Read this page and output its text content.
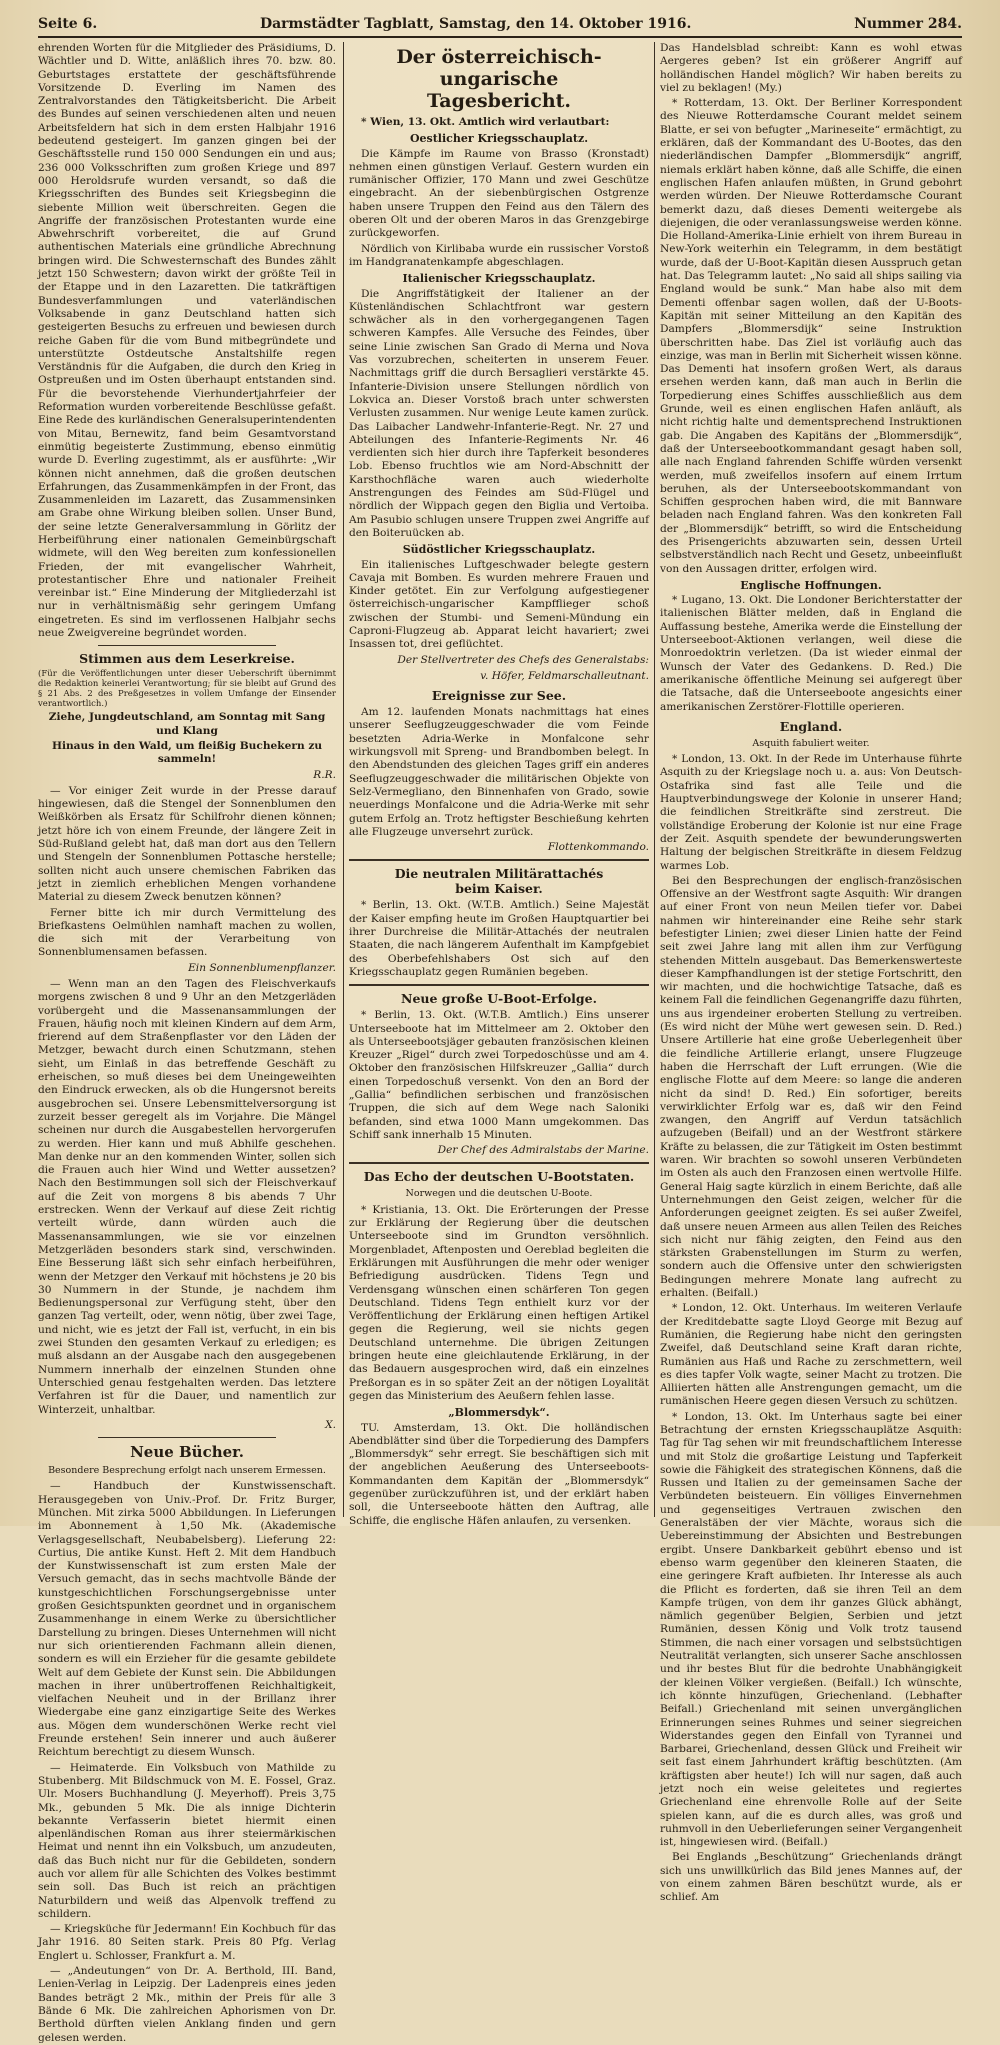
Seite 6.	Darmstädter Tagblatt, Samstag, den 14. Oktober 1916.	Nummer 284.

ehrenden Worten für die Mitglieder des Präsidiums, D. Wächtler und D. Witte, anläßlich ihres 70. bzw. 80. Geburtstages erstattete der geschäftsführende Vorsitzende D. Everling im Namen des Zentralvorstandes den Tätigkeitsbericht. Die Arbeit des Bundes auf seinen verschiedenen alten und neuen Arbeitsfeldern hat sich in dem ersten Halbjahr 1916 bedeutend gesteigert. Im ganzen gingen bei der Geschäftsstelle rund 150 000 Sendungen ein und aus; 236 000 Volksschriften zum großen Kriege und 897 000 Heroldsrufe wurden versandt, so daß die Kriegsschriften des Bundes seit Kriegsbeginn die siebente Million weit überschreiten. Gegen die Angriffe der französischen Protestanten wurde eine Abwehrschrift vorbereitet, die auf Grund authentischen Materials eine gründliche Abrechnung bringen wird. Die Schwesternschaft des Bundes zählt jetzt 150 Schwestern; davon wirkt der größte Teil in der Etappe und in den Lazaretten. Die tatkräftigen Bundesverfammlungen und vaterländischen Volksabende in ganz Deutschland hatten sich gesteigerten Besuchs zu erfreuen und bewiesen durch reiche Gaben für die vom Bund mitbegründete und unterstützte Ostdeutsche Anstaltshilfe regen Verständnis für die Aufgaben, die durch den Krieg in Ostpreußen und im Osten überhaupt entstanden sind. Für die bevorstehende Vierhundertjahrfeier der Reformation wurden vorbereitende Beschlüsse gefaßt. Eine Rede des kurländischen Generalsuperintendenten von Mitau, Bernewitz, fand beim Gesamtvorstand einmütig begeisterte Zustimmung, ebenso einmütig wurde D. Everling zugestimmt, als er ausführte: „Wir können nicht annehmen, daß die großen deutschen Erfahrungen, das Zusammenkämpfen in der Front, das Zusammenleiden im Lazarett, das Zusammensinken am Grabe ohne Wirkung bleiben sollen. Unser Bund, der seine letzte Generalversammlung in Görlitz der Herbeiführung einer nationalen Gemeinbürgschaft widmete, will den Weg bereiten zum konfessionellen Frieden, der mit evangelischer Wahrheit, protestantischer Ehre und nationaler Freiheit vereinbar ist.“ Eine Minderung der Mitgliederzahl ist nur in verhältnismäßig sehr geringem Umfang eingetreten. Es sind im verflossenen Halbjahr sechs neue Zweigvereine begründet worden.

Stimmen aus dem Leserkreise.

(Für die Veröffentlichungen unter dieser Ueberschrift übernimmt die Redaktion keinerlei Verantwortung; für sie bleibt auf Grund des § 21 Abs. 2 des Preßgesetzes in vollem Umfange der Einsender verantwortlich.)

Ziehe, Jungdeutschland, am Sonntag mit Sang und Klang

Hinaus in den Wald, um fleißig Buchekern zu sammeln!

R.R.

— Vor einiger Zeit wurde in der Presse darauf hingewiesen, daß die Stengel der Sonnenblumen den Weißkörben als Ersatz für Schilfrohr dienen können; jetzt höre ich von einem Freunde, der längere Zeit in Süd-Rußland gelebt hat, daß man dort aus den Tellern und Stengeln der Sonnenblumen Pottasche herstelle; sollten nicht auch unsere chemischen Fabriken das jetzt in ziemlich erheblichen Mengen vorhandene Material zu diesem Zweck benutzen können?

Ferner bitte ich mir durch Vermittelung des Briefkastens Oelmühlen namhaft machen zu wollen, die sich mit der Verarbeitung von Sonnenblumensamen befassen.

Ein Sonnenblumenpflanzer.

— Wenn man an den Tagen des Fleischverkaufs morgens zwischen 8 und 9 Uhr an den Metzgerläden vorübergeht und die Massenansammlungen der Frauen, häufig noch mit kleinen Kindern auf dem Arm, frierend auf dem Straßenpflaster vor den Läden der Metzger, bewacht durch einen Schutzmann, stehen sieht, um Einlaß in das betreffende Geschäft zu erheischen, so muß dieses bei dem Uneingeweihten den Eindruck erwecken, als ob die Hungersnot bereits ausgebrochen sei. Unsere Lebensmittelversorgung ist zurzeit besser geregelt als im Vorjahre. Die Mängel scheinen nur durch die Ausgabestellen hervorgerufen zu werden. Hier kann und muß Abhilfe geschehen. Man denke nur an den kommenden Winter, sollen sich die Frauen auch hier Wind und Wetter aussetzen? Nach den Bestimmungen soll sich der Fleischverkauf auf die Zeit von morgens 8 bis abends 7 Uhr erstrecken. Wenn der Verkauf auf diese Zeit richtig verteilt würde, dann würden auch die Massenansammlungen, wie sie vor einzelnen Metzgerläden besonders stark sind, verschwinden. Eine Besserung läßt sich sehr einfach herbeiführen, wenn der Metzger den Verkauf mit höchstens je 20 bis 30 Nummern in der Stunde, je nachdem ihm Bedienungspersonal zur Verfügung steht, über den ganzen Tag verteilt, oder, wenn nötig, über zwei Tage, und nicht, wie es jetzt der Fall ist, verfucht, in ein bis zwei Stunden den gesamten Verkauf zu erledigen; es muß alsdann an der Ausgabe nach den ausgegebenen Nummern innerhalb der einzelnen Stunden ohne Unterschied genau festgehalten werden. Das letztere Verfahren ist für die Dauer, und namentlich zur Winterzeit, unhaltbar.

X.
Neue Bücher.
Besondere Besprechung erfolgt nach unserem Ermessen.

— Handbuch der Kunstwissenschaft. Herausgegeben von Univ.-Prof. Dr. Fritz Burger, München. Mit zirka 5000 Abbildungen. In Lieferungen im Abonnement à 1,50 Mk. (Akademische Verlagsgesellschaft, Neubabelsberg). Lieferung 22: Curtius, Die antike Kunst. Heft 2. Mit dem Handbuch der Kunstwissenschaft ist zum ersten Male der Versuch gemacht, das in sechs machtvolle Bände der kunstgeschichtlichen Forschungsergebnisse unter großen Gesichtspunkten geordnet und in organischem Zusammenhange in einem Werke zu übersichtlicher Darstellung zu bringen. Dieses Unternehmen will nicht nur sich orientierenden Fachmann allein dienen, sondern es will ein Erzieher für die gesamte gebildete Welt auf dem Gebiete der Kunst sein. Die Abbildungen machen in ihrer unübertroffenen Reichhaltigkeit, vielfachen Neuheit und in der Brillanz ihrer Wiedergabe eine ganz einzigartige Seite des Werkes aus. Mögen dem wunderschönen Werke recht viel Freunde erstehen! Sein innerer und auch äußerer Reichtum berechtigt zu diesem Wunsch.

— Heimaterde. Ein Volksbuch von Mathilde zu Stubenberg. Mit Bildschmuck von M. E. Fossel, Graz. Ulr. Mosers Buchhandlung (J. Meyerhoff). Preis 3,75 Mk., gebunden 5 Mk. Die als innige Dichterin bekannte Verfasserin bietet hiermit einen alpenländischen Roman aus ihrer steiermärkischen Heimat und nennt ihn ein Volksbuch, um anzudeuten, daß das Buch nicht nur für die Gebildeten, sondern auch vor allem für alle Schichten des Volkes bestimmt sein soll. Das Buch ist reich an prächtigen Naturbildern und weiß das Alpenvolk treffend zu schildern.

— Kriegsküche für Jedermann! Ein Kochbuch für das Jahr 1916. 80 Seiten stark. Preis 80 Pfg. Verlag Englert u. Schlosser, Frankfurt a. M.

— „Andeutungen“ von Dr. A. Berthold, III. Band, Lenien-Verlag in Leipzig. Der Ladenpreis eines jeden Bandes beträgt 2 Mk., mithin der Preis für alle 3 Bände 6 Mk. Die zahlreichen Aphorismen von Dr. Berthold dürften vielen Anklang finden und gern gelesen werden.

Der österreichisch-ungarische
Tagesbericht.

* Wien, 13. Okt. Amtlich wird verlautbart:

Oestlicher Kriegsschauplatz.

Die Kämpfe im Raume von Brasso (Kronstadt) nehmen einen günstigen Verlauf. Gestern wurden ein rumänischer Offizier, 170 Mann und zwei Geschütze eingebracht. An der siebenbürgischen Ostgrenze haben unsere Truppen den Feind aus den Tälern des oberen Olt und der oberen Maros in das Grenzgebirge zurückgeworfen.

Nördlich von Kirlibaba wurde ein russischer Vorstoß im Handgranatenkampfe abgeschlagen.

Italienischer Kriegsschauplatz.

Die Angriffstätigkeit der Italiener an der Küstenländischen Schlachtfront war gestern schwächer als in den vorhergegangenen Tagen schweren Kampfes. Alle Versuche des Feindes, über seine Linie zwischen San Grado di Merna und Nova Vas vorzubrechen, scheiterten in unserem Feuer. Nachmittags griff die durch Bersaglieri verstärkte 45. Infanterie-Division unsere Stellungen nördlich von Lokvica an. Dieser Vorstoß brach unter schwersten Verlusten zusammen. Nur wenige Leute kamen zurück. Das Laibacher Landwehr-Infanterie-Regt. Nr. 27 und Abteilungen des Infanterie-Regiments Nr. 46 verdienten sich hier durch ihre Tapferkeit besonderes Lob. Ebenso fruchtlos wie am Nord-Abschnitt der Karsthochfläche waren auch wiederholte Anstrengungen des Feindes am Süd-Flügel und nördlich der Wippach gegen den Biglia und Vertoiba. Am Pasubio schlugen unsere Truppen zwei Angriffe auf den Boiteruücken ab.

Südöstlicher Kriegsschauplatz.

Ein italienisches Luftgeschwader belegte gestern Cavaja mit Bomben. Es wurden mehrere Frauen und Kinder getötet. Ein zur Verfolgung aufgestiegener österreichisch-ungarischer Kampfflieger schoß zwischen der Stumbi- und Semeni-Mündung ein Caproni-Flugzeug ab. Apparat leicht havariert; zwei Insassen tot, drei geflüchtet.

Der Stellvertreter des Chefs des Generalstabs:
v. Höfer, Feldmarschalleutnant.
Ereignisse zur See.

Am 12. laufenden Monats nachmittags hat eines unserer Seeflugzeuggeschwader die vom Feinde besetzten Adria-Werke in Monfalcone sehr wirkungsvoll mit Spreng- und Brandbomben belegt. In den Abendstunden des gleichen Tages griff ein anderes Seeflugzeuggeschwader die militärischen Objekte von Selz-Vermegliano, den Binnenhafen von Grado, sowie neuerdings Monfalcone und die Adria-Werke mit sehr gutem Erfolg an. Trotz heftigster Beschießung kehrten alle Flugzeuge unversehrt zurück.

Flottenkommando.
Die neutralen Militärattachés
beim Kaiser.

* Berlin, 13. Okt. (W.T.B. Amtlich.) Seine Majestät der Kaiser empfing heute im Großen Hauptquartier bei ihrer Durchreise die Militär-Attachés der neutralen Staaten, die nach längerem Aufenthalt im Kampfgebiet des Oberbefehlshabers Ost sich auf den Kriegsschauplatz gegen Rumänien begeben.

Neue große U-Boot-Erfolge.

* Berlin, 13. Okt. (W.T.B. Amtlich.) Eins unserer Unterseeboote hat im Mittelmeer am 2. Oktober den als Unterseebootsjäger gebauten französischen kleinen Kreuzer „Rigel“ durch zwei Torpedoschüsse und am 4. Oktober den französischen Hilfskreuzer „Gallia“ durch einen Torpedoschuß versenkt. Von den an Bord der „Gallia“ befindlichen serbischen und französischen Truppen, die sich auf dem Wege nach Saloniki befanden, sind etwa 1000 Mann umgekommen. Das Schiff sank innerhalb 15 Minuten.

Der Chef des Admiralstabs der Marine.
Das Echo der deutschen U-Bootstaten.
Norwegen und die deutschen U-Boote.

* Kristiania, 13. Okt. Die Erörterungen der Presse zur Erklärung der Regierung über die deutschen Unterseeboote sind im Grundton versöhnlich. Morgenbladet, Aftenposten und Oereblad begleiten die Erklärungen mit Ausführungen die mehr oder weniger Befriedigung ausdrücken. Tidens Tegn und Verdensgang wünschen einen schärferen Ton gegen Deutschland. Tidens Tegn enthielt kurz vor der Veröffentlichung der Erklärung einen heftigen Artikel gegen die Regierung, weil sie nichts gegen Deutschland unternehme. Die übrigen Zeitungen bringen heute eine gleichlautende Erklärung, in der das Bedauern ausgesprochen wird, daß ein einzelnes Preßorgan es in so später Zeit an der nötigen Loyalität gegen das Ministerium des Aeußern fehlen lasse.

„Blommersdyk“.

TU. Amsterdam, 13. Okt. Die holländischen Abendblätter sind über die Torpedierung des Dampfers „Blommersdyk“ sehr erregt. Sie beschäftigen sich mit der angeblichen Aeußerung des Unterseeboots-Kommandanten dem Kapitän der „Blommersdyk“ gegenüber zurückzuführen ist, und der erklärt haben soll, die Unterseeboote hätten den Auftrag, alle Schiffe, die englische Häfen anlaufen, zu versenken.

Das Handelsblad schreibt: Kann es wohl etwas Aergeres geben? Ist ein größerer Angriff auf holländischen Handel möglich? Wir haben bereits zu viel zu beklagen! (My.)

* Rotterdam, 13. Okt. Der Berliner Korrespondent des Nieuwe Rotterdamsche Courant meldet seinem Blatte, er sei von befugter „Marineseite“ ermächtigt, zu erklären, daß der Kommandant des U-Bootes, das den niederländischen Dampfer „Blommersdijk“ angriff, niemals erklärt haben könne, daß alle Schiffe, die einen englischen Hafen anlaufen müßten, in Grund gebohrt werden würden. Der Nieuwe Rotterdamsche Courant bemerkt dazu, daß dieses Dementi weitergebe als diejenigen, die oder veranlassungsweise werden könne. Die Holland-Amerika-Linie erhielt von ihrem Bureau in New-York weiterhin ein Telegramm, in dem bestätigt wurde, daß der U-Boot-Kapitän diesen Ausspruch getan hat. Das Telegramm lautet: „No said all ships sailing via England would be sunk.“ Man habe also mit dem Dementi offenbar sagen wollen, daß der U-Boots-Kapitän mit seiner Mitteilung an den Kapitän des Dampfers „Blommersdijk“ seine Instruktion überschritten habe. Das Ziel ist vorläufig auch das einzige, was man in Berlin mit Sicherheit wissen könne. Das Dementi hat insofern großen Wert, als daraus ersehen werden kann, daß man auch in Berlin die Torpedierung eines Schiffes ausschließlich aus dem Grunde, weil es einen englischen Hafen anläuft, als nicht richtig halte und dementsprechend Instruktionen gab. Die Angaben des Kapitäns der „Blommersdijk“, daß der Unterseebootkommandant gesagt haben soll, alle nach England fahrenden Schiffe würden versenkt werden, muß zweifellos insofern auf einem Irrtum beruhen, als der Unterseebootskommandant von Schiffen gesprochen haben wird, die mit Bannware beladen nach England fahren. Was den konkreten Fall der „Blommersdijk“ betrifft, so wird die Entscheidung des Prisengerichts abzuwarten sein, dessen Urteil selbstverständlich nach Recht und Gesetz, unbeeinflußt von den Aussagen dritter, erfolgen wird.

Englische Hoffnungen.

* Lugano, 13. Okt. Die Londoner Berichterstatter der italienischen Blätter melden, daß in England die Auffassung bestehe, Amerika werde die Einstellung der Unterseeboot-Aktionen verlangen, weil diese die Monroedoktrin verletzen. (Da ist wieder einmal der Wunsch der Vater des Gedankens. D. Red.) Die amerikanische öffentliche Meinung sei aufgeregt über die Tatsache, daß die Unterseeboote angesichts einer amerikanischen Zerstörer-Flottille operieren.

England.
Asquith fabuliert weiter.

* London, 13. Okt. In der Rede im Unterhause führte Asquith zu der Kriegslage noch u. a. aus: Von Deutsch-Ostafrika sind fast alle Teile und die Hauptverbindungswege der Kolonie in unserer Hand; die feindlichen Streitkräfte sind zerstreut. Die vollständige Eroberung der Kolonie ist nur eine Frage der Zeit. Asquith spendete der bewunderungswerten Haltung der belgischen Streitkräfte in diesem Feldzug warmes Lob.

Bei den Besprechungen der englisch-französischen Offensive an der Westfront sagte Asquith: Wir drangen auf einer Front von neun Meilen tiefer vor. Dabei nahmen wir hintereinander eine Reihe sehr stark befestigter Linien; zwei dieser Linien hatte der Feind seit zwei Jahre lang mit allen ihm zur Verfügung stehenden Mitteln ausgebaut. Das Bemerkenswerteste dieser Kampfhandlungen ist der stetige Fortschritt, den wir machten, und die hochwichtige Tatsache, daß es keinem Fall die feindlichen Gegenangriffe dazu führten, uns aus irgendeiner eroberten Stellung zu vertreiben. (Es wird nicht der Mühe wert gewesen sein. D. Red.) Unsere Artillerie hat eine große Ueberlegenheit über die feindliche Artillerie erlangt, unsere Flugzeuge haben die Herrschaft der Luft errungen. (Wie die englische Flotte auf dem Meere: so lange die anderen nicht da sind! D. Red.) Ein sofortiger, bereits verwirklichter Erfolg war es, daß wir den Feind zwangen, den Angriff auf Verdun tatsächlich aufzugeben (Beifall) und an der Westfront stärkere Kräfte zu belassen, die zur Tätigkeit im Osten bestimmt waren. Wir brachten so sowohl unseren Verbündeten im Osten als auch den Franzosen einen wertvolle Hilfe. General Haig sagte kürzlich in einem Berichte, daß alle Unternehmungen den Geist zeigen, welcher für die Anforderungen geeignet zeigten. Es sei außer Zweifel, daß unsere neuen Armeen aus allen Teilen des Reiches sich nicht nur fähig zeigten, den Feind aus den stärksten Grabenstellungen im Sturm zu werfen, sondern auch die Offensive unter den schwierigsten Bedingungen mehrere Monate lang aufrecht zu erhalten. (Beifall.)

* London, 12. Okt. Unterhaus. Im weiteren Verlaufe der Kreditdebatte sagte Lloyd George mit Bezug auf Rumänien, die Regierung habe nicht den geringsten Zweifel, daß Deutschland seine Kraft daran richte, Rumänien aus Haß und Rache zu zerschmettern, weil es dies tapfer Volk wagte, seiner Macht zu trotzen. Die Alliierten hätten alle Anstrengungen gemacht, um die rumänischen Heere gegen diesen Versuch zu schützen.

* London, 13. Okt. Im Unterhaus sagte bei einer Betrachtung der ernsten Kriegsschauplätze Asquith: Tag für Tag sehen wir mit freundschaftlichem Interesse und mit Stolz die großartige Leistung und Tapferkeit sowie die Fähigkeit des strategischen Könnens, daß die Russen und Italien zu der gemeinsamen Sache der Verbündeten beisteuern. Ein völliges Einvernehmen und gegenseitiges Vertrauen zwischen den Generalstäben der vier Mächte, woraus sich die Uebereinstimmung der Absichten und Bestrebungen ergibt. Unsere Dankbarkeit gebührt ebenso und ist ebenso warm gegenüber den kleineren Staaten, die eine geringere Kraft aufbieten. Ihr Interesse als auch die Pflicht es forderten, daß sie ihren Teil an dem Kampfe trügen, von dem ihr ganzes Glück abhängt, nämlich gegenüber Belgien, Serbien und jetzt Rumänien, dessen König und Volk trotz tausend Stimmen, die nach einer vorsagen und selbstsüchtigen Neutralität verlangten, sich unserer Sache anschlossen und ihr bestes Blut für die bedrohte Unabhängigkeit der kleinen Völker vergießen. (Beifall.) Ich wünschte, ich könnte hinzufügen, Griechenland. (Lebhafter Beifall.) Griechenland mit seinen unvergänglichen Erinnerungen seines Ruhmes und seiner siegreichen Widerstandes gegen den Einfall von Tyrannei und Barbarei, Griechenland, dessen Glück und Freiheit wir seit fast einem Jahrhundert kräftig beschützten. (Am kräftigsten aber heute!) Ich will nur sagen, daß auch jetzt noch ein weise geleitetes und regiertes Griechenland eine ehrenvolle Rolle auf der Seite spielen kann, auf die es durch alles, was groß und ruhmvoll in den Ueberlieferungen seiner Vergangenheit ist, hingewiesen wird. (Beifall.)

Bei Englands „Beschützung“ Griechenlands drängt sich uns unwillkürlich das Bild jenes Mannes auf, der von einem zahmen Bären beschützt wurde, als er schlief. Am
